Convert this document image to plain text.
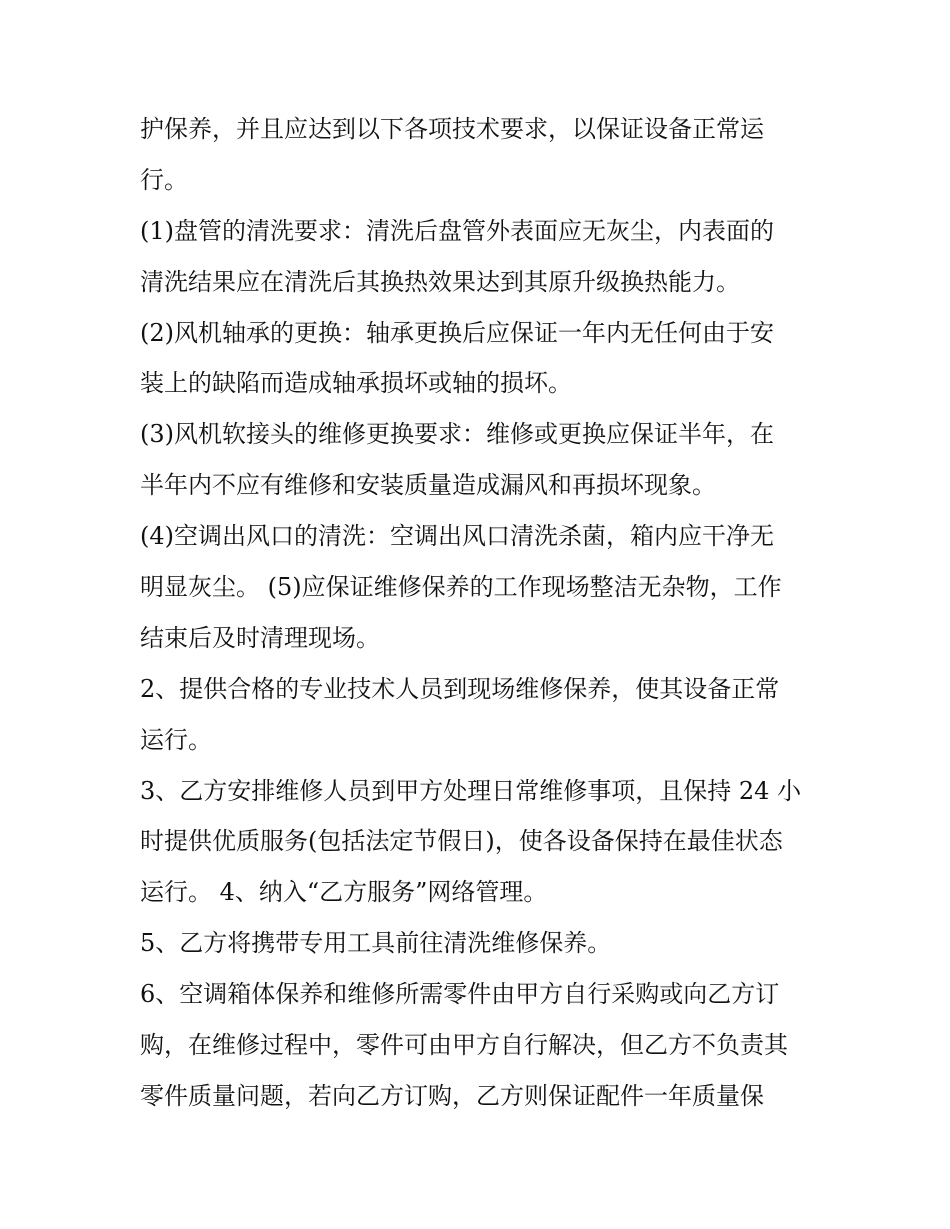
护保养，并且应达到以下各项技术要求，以保证设备正常运
行。
(1)盘管的清洗要求：清洗后盘管外表面应无灰尘，内表面的
清洗结果应在清洗后其换热效果达到其原升级换热能力。
(2)风机轴承的更换：轴承更换后应保证一年内无任何由于安
装上的缺陷而造成轴承损坏或轴的损坏。
(3)风机软接头的维修更换要求：维修或更换应保证半年，在
半年内不应有维修和安装质量造成漏风和再损坏现象。
(4)空调出风口的清洗：空调出风口清洗杀菌，箱内应干净无
明显灰尘。 (5)应保证维修保养的工作现场整洁无杂物，工作
结束后及时清理现场。
2、提供合格的专业技术人员到现场维修保养，使其设备正常
运行。
3、乙方安排维修人员到甲方处理日常维修事项，且保持 24 小
时提供优质服务(包括法定节假日)，使各设备保持在最佳状态
运行。 4、纳入“乙方服务”网络管理。
5、乙方将携带专用工具前往清洗维修保养。
6、空调箱体保养和维修所需零件由甲方自行采购或向乙方订
购，在维修过程中，零件可由甲方自行解决，但乙方不负责其
零件质量问题，若向乙方订购，乙方则保证配件一年质量保
